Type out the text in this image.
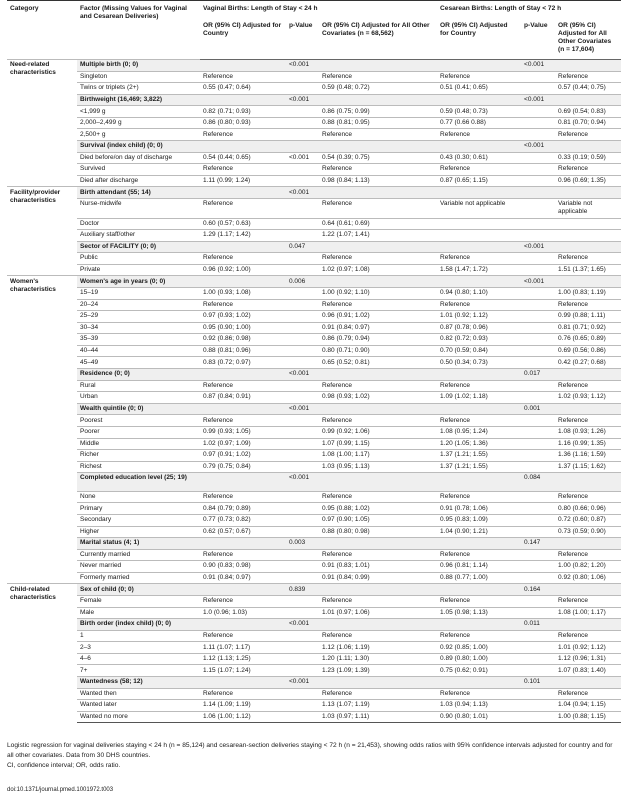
Category	Factor (Missing Values for Vaginal and Cesarean Deliveries)	Vaginal Births: Length of Stay < 24 h			Cesarean Births: Length of Stay < 72 h		
		OR (95% CI) Adjusted for Country	p-Value	OR (95% CI) Adjusted for All Other Covariates (n = 68,562)	OR (95% CI) Adjusted for Country	p-Value	OR (95% CI) Adjusted for All Other Covariates (n = 17,604)
Need-related characteristics	Multiple birth (0; 0)		<0.001			<0.001	
	Singleton	Reference		Reference	Reference		Reference
	Twins or triplets (2+)	0.55 (0.47; 0.64)		0.59 (0.48; 0.72)	0.51 (0.41; 0.65)		0.57 (0.44; 0.75)
	Birthweight (16,469; 3,822)		<0.001			<0.001	
	<1,999 g	0.82 (0.71; 0.93)		0.86 (0.75; 0.99)	0.59 (0.48; 0.73)		0.69 (0.54; 0.83)
	2,000–2,499 g	0.86 (0.80; 0.93)		0.88 (0.81; 0.95)	0.77 (0.66 0.88)		0.81 (0.70; 0.94)
	2,500+ g	Reference		Reference	Reference		Reference
	Survival (index child) (0; 0)					<0.001	
	Died before/on day of discharge	0.54 (0.44; 0.65)	<0.001	0.54 (0.39; 0.75)	0.43 (0.30; 0.61)		0.33 (0.19; 0.59)
	Survived	Reference		Reference	Reference		Reference
	Died after discharge	1.11 (0.99; 1.24)		0.98 (0.84; 1.13)	0.87 (0.65; 1.15)		0.96 (0.69; 1.35)
Facility/provider characteristics	Birth attendant (55; 14)		<0.001				
	Nurse-midwife	Reference		Reference	Variable not applicable		Variable not applicable
	Doctor	0.60 (0.57; 0.63)		0.64 (0.61; 0.69)			
	Auxiliary staff/other	1.29 (1.17; 1.42)		1.22 (1.07; 1.41)			
	Sector of FACILITY (0; 0)		0.047			<0.001	
	Public	Reference		Reference	Reference		Reference
	Private	0.96 (0.92; 1.00)		1.02 (0.97; 1.08)	1.58 (1.47; 1.72)		1.51 (1.37; 1.65)
Women's characteristics	Women's age in years (0; 0)		0.006			<0.001	
	15–19	1.00 (0.93; 1.08)		1.00 (0.92; 1.10)	0.94 (0.80; 1.10)		1.00 (0.83; 1.19)
	20–24	Reference		Reference	Reference		Reference
	25–29	0.97 (0.93; 1.02)		0.96 (0.91; 1.02)	1.01 (0.92; 1.12)		0.99 (0.88; 1.11)
	30–34	0.95 (0.90; 1.00)		0.91 (0.84; 0.97)	0.87 (0.78; 0.96)		0.81 (0.71; 0.92)
	35–39	0.92 (0.86; 0.98)		0.86 (0.79; 0.94)	0.82 (0.72; 0.93)		0.76 (0.65; 0.89)
	40–44	0.88 (0.81; 0.96)		0.80 (0.71; 0.90)	0.70 (0.59; 0.84)		0.69 (0.56; 0.86)
	45–49	0.83 (0.72; 0.97)		0.65 (0.52; 0.81)	0.50 (0.34; 0.73)		0.42 (0.27; 0.68)
	Residence (0; 0)		<0.001			0.017	
	Rural	Reference		Reference	Reference		Reference
	Urban	0.87 (0.84; 0.91)		0.98 (0.93; 1.02)	1.09 (1.02; 1.18)		1.02 (0.93; 1.12)
	Wealth quintile (0; 0)		<0.001			0.001	
	Poorest	Reference		Reference	Reference		Reference
	Poorer	0.99 (0.93; 1.05)		0.99 (0.92; 1.06)	1.08 (0.95; 1.24)		1.08 (0.93; 1.26)
	Middle	1.02 (0.97; 1.09)		1.07 (0.99; 1.15)	1.20 (1.05; 1.36)		1.16 (0.99; 1.35)
	Richer	0.97 (0.91; 1.02)		1.08 (1.00; 1.17)	1.37 (1.21; 1.55)		1.36 (1.16; 1.59)
	Richest	0.79 (0.75; 0.84)		1.03 (0.95; 1.13)	1.37 (1.21; 1.55)		1.37 (1.15; 1.62)
	Completed education level (25; 19)		<0.001			0.084	
	None	Reference		Reference	Reference		Reference
	Primary	0.84 (0.79; 0.89)		0.95 (0.88; 1.02)	0.91 (0.78; 1.06)		0.80 (0.66; 0.96)
	Secondary	0.77 (0.73; 0.82)		0.97 (0.90; 1.05)	0.95 (0.83; 1.09)		0.72 (0.60; 0.87)
	Higher	0.62 (0.57; 0.67)		0.88 (0.80; 0.98)	1.04 (0.90; 1.21)		0.73 (0.59; 0.90)
	Marital status (4; 1)		0.003			0.147	
	Currently married	Reference		Reference	Reference		Reference
	Never married	0.90 (0.83; 0.98)		0.91 (0.83; 1.01)	0.96 (0.81; 1.14)		1.00 (0.82; 1.20)
	Formerly married	0.91 (0.84; 0.97)		0.91 (0.84; 0.99)	0.88 (0.77; 1.00)		0.92 (0.80; 1.06)
Child-related characteristics	Sex of child (0; 0)		0.839			0.164	
	Female	Reference		Reference	Reference		Reference
	Male	1.0 (0.96; 1.03)		1.01 (0.97; 1.06)	1.05 (0.98; 1.13)		1.08 (1.00; 1.17)
	Birth order (index child) (0; 0)		<0.001			0.011	
	1	Reference		Reference	Reference		Reference
	2–3	1.11 (1.07; 1.17)		1.12 (1.06; 1.19)	0.92 (0.85; 1.00)		1.01 (0.92; 1.12)
	4–6	1.12 (1.13; 1.25)		1.20 (1.11; 1.30)	0.89 (0.80; 1.00)		1.12 (0.96; 1.31)
	7+	1.15 (1.07; 1.24)		1.23 (1.09; 1.39)	0.75 (0.62; 0.91)		1.07 (0.83; 1.40)
	Wantedness (58; 12)		<0.001			0.101	
	Wanted then	Reference		Reference	Reference		Reference
	Wanted later	1.14 (1.09; 1.19)		1.13 (1.07; 1.19)	1.03 (0.94; 1.13)		1.04 (0.94; 1.15)
	Wanted no more	1.06 (1.00; 1.12)		1.03 (0.97; 1.11)	0.90 (0.80; 1.01)		1.00 (0.88; 1.15)
Logistic regression for vaginal deliveries staying < 24 h (n = 85,124) and cesarean-section deliveries staying < 72 h (n = 21,453), showing odds ratios with 95% confidence intervals adjusted for country and for all other covariates. Data from 30 DHS countries.
CI, confidence interval; OR, odds ratio.
doi:10.1371/journal.pmed.1001972.t003
